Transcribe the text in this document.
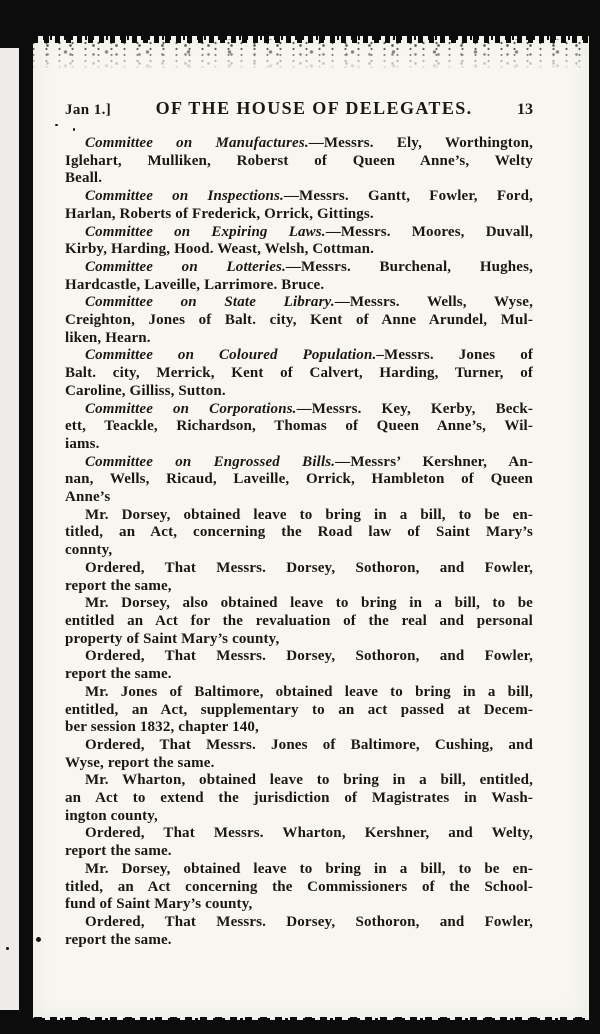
Jan 1.]	OF THE HOUSE OF DELEGATES.	13
Committee on Manufactures.—Messrs. Ely, Worthington,
Iglehart, Mulliken, Roberst of Queen Anne’s, Welty
Beall.
Committee on Inspections.—Messrs. Gantt, Fowler, Ford,
Harlan, Roberts of Frederick, Orrick, Gittings.
Committee on Expiring Laws.—Messrs. Moores, Duvall,
Kirby, Harding, Hood. Weast, Welsh, Cottman.
Committee on Lotteries.—Messrs. Burchenal, Hughes,
Hardcastle, Laveille, Larrimore. Bruce.
Committee on State Library.—Messrs. Wells, Wyse,
Creighton, Jones of Balt. city, Kent of Anne Arundel, Mul-
liken, Hearn.
Committee on Coloured Population.–Messrs. Jones of
Balt. city, Merrick, Kent of Calvert, Harding, Turner, of
Caroline, Gilliss, Sutton.
Committee on Corporations.—Messrs. Key, Kerby, Beck-
ett, Teackle, Richardson, Thomas of Queen Anne’s, Wil-
iams.
Committee on Engrossed Bills.—Messrs’ Kershner, An-
nan, Wells, Ricaud, Laveille, Orrick, Hambleton of Queen
Anne’s
Mr. Dorsey, obtained leave to bring in a bill, to be en-
titled, an Act, concerning the Road law of Saint Mary’s
connty,
Ordered, That Messrs. Dorsey, Sothoron, and Fowler,
report the same,
Mr. Dorsey, also obtained leave to bring in a bill, to be
entitled an Act for the revaluation of the real and personal
property of Saint Mary’s county,
Ordered, That Messrs. Dorsey, Sothoron, and Fowler,
report the same.
Mr. Jones of Baltimore, obtained leave to bring in a bill,
entitled, an Act, supplementary to an act passed at Decem-
ber session 1832, chapter 140,
Ordered, That Messrs. Jones of Baltimore, Cushing, and
Wyse, report the same.
Mr. Wharton, obtained leave to bring in a bill, entitled,
an Act to extend the jurisdiction of Magistrates in Wash-
ington county,
Ordered, That Messrs. Wharton, Kershner, and Welty,
report the same.
Mr. Dorsey, obtained leave to bring in a bill, to be en-
titled, an Act concerning the Commissioners of the School-
fund of Saint Mary’s county,
Ordered, That Messrs. Dorsey, Sothoron, and Fowler,
report the same.
